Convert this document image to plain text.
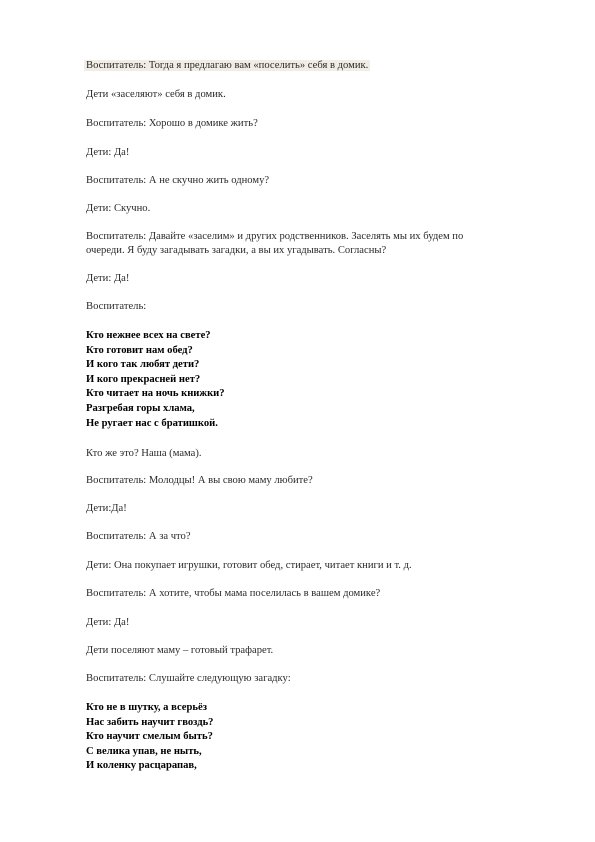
Воспитатель: Тогда я предлагаю вам «поселить» себя в домик.
Дети «заселяют» себя в домик.
Воспитатель: Хорошо в домике жить?
Дети: Да!
Воспитатель: А не скучно жить одному?
Дети: Скучно.
Воспитатель: Давайте «заселим» и других родственников. Заселять мы их будем по
очереди. Я буду загадывать загадки, а вы их угадывать. Согласны?
Дети: Да!
Воспитатель:
Кто нежнее всех на свете?
Кто готовит нам обед?
И кого так любят дети?
И кого прекрасней нет?
Кто читает на ночь книжки?
Разгребая горы хлама,
Не ругает нас с братишкой.
Кто же это? Наша (мама).
Воспитатель: Молодцы! А вы свою маму любите?
Дети:Да!
Воспитатель: А за что?
Дети: Она покупает игрушки, готовит обед, стирает, читает книги и т. д.
Воспитатель: А хотите, чтобы мама поселилась в вашем домике?
Дети: Да!
Дети поселяют маму – готовый трафарет.
Воспитатель: Слушайте следующую загадку:
Кто не в шутку, а всерьёз
Нас забить научит гвоздь?
Кто научит смелым быть?
С велика упав, не ныть,
И коленку расцарапав,
